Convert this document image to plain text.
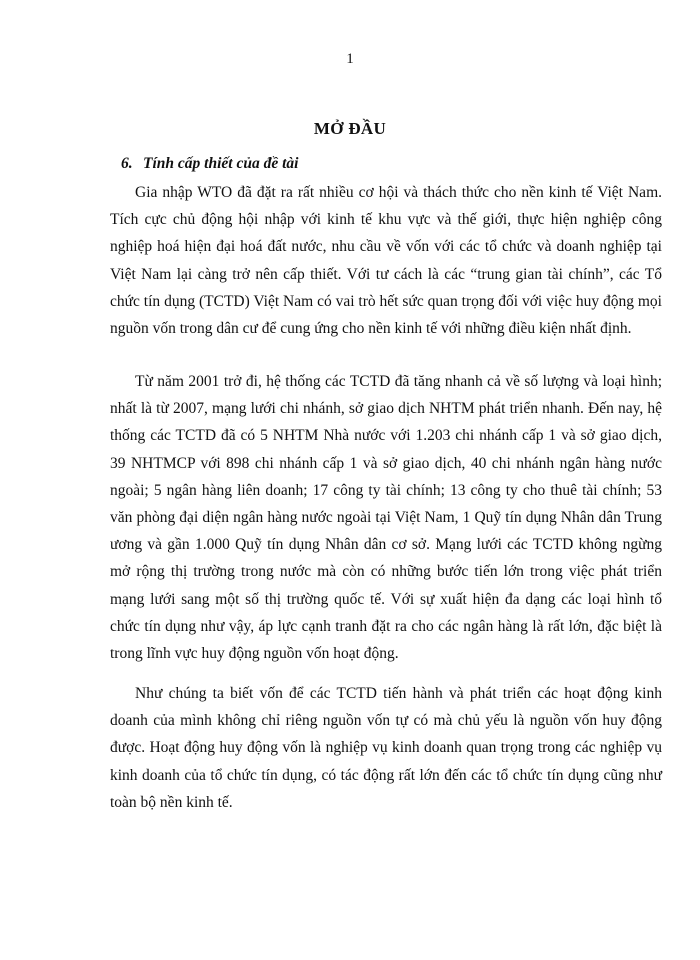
1
MỞ ĐẦU
6. Tính cấp thiết của đề tài

Gia nhập WTO đã đặt ra rất nhiều cơ hội và thách thức cho nền kinh tế Việt Nam. Tích cực chủ động hội nhập với kinh tế khu vực và thế giới, thực hiện nghiệp công nghiệp hoá hiện đại hoá đất nước, nhu cầu về vốn với các tổ chức và doanh nghiệp tại Việt Nam lại càng trở nên cấp thiết. Với tư cách là các “trung gian tài chính”, các Tổ chức tín dụng (TCTD) Việt Nam có vai trò hết sức quan trọng đối với việc huy động mọi nguồn vốn trong dân cư để cung ứng cho nền kinh tế với những điều kiện nhất định.

Từ năm 2001 trở đi, hệ thống các TCTD đã tăng nhanh cả về số lượng và loại hình; nhất là từ 2007, mạng lưới chi nhánh, sở giao dịch NHTM phát triển nhanh. Đến nay, hệ thống các TCTD đã có 5 NHTM Nhà nước với 1.203 chi nhánh cấp 1 và sở giao dịch, 39 NHTMCP với 898 chi nhánh cấp 1 và sở giao dịch, 40 chi nhánh ngân hàng nước ngoài; 5 ngân hàng liên doanh; 17 công ty tài chính; 13 công ty cho thuê tài chính; 53 văn phòng đại diện ngân hàng nước ngoài tại Việt Nam, 1 Quỹ tín dụng Nhân dân Trung ương và gần 1.000 Quỹ tín dụng Nhân dân cơ sở. Mạng lưới các TCTD không ngừng mở rộng thị trường trong nước mà còn có những bước tiến lớn trong việc phát triển mạng lưới sang một số thị trường quốc tế. Với sự xuất hiện đa dạng các loại hình tổ chức tín dụng như vậy, áp lực cạnh tranh đặt ra cho các ngân hàng là rất lớn, đặc biệt là trong lĩnh vực huy động nguồn vốn hoạt động.

Như chúng ta biết vốn để các TCTD tiến hành và phát triển các hoạt động kinh doanh của mình không chỉ riêng nguồn vốn tự có mà chủ yếu là nguồn vốn huy động được. Hoạt động huy động vốn là nghiệp vụ kinh doanh quan trọng trong các nghiệp vụ kinh doanh của tổ chức tín dụng, có tác động rất lớn đến các tổ chức tín dụng cũng như toàn bộ nền kinh tế.
